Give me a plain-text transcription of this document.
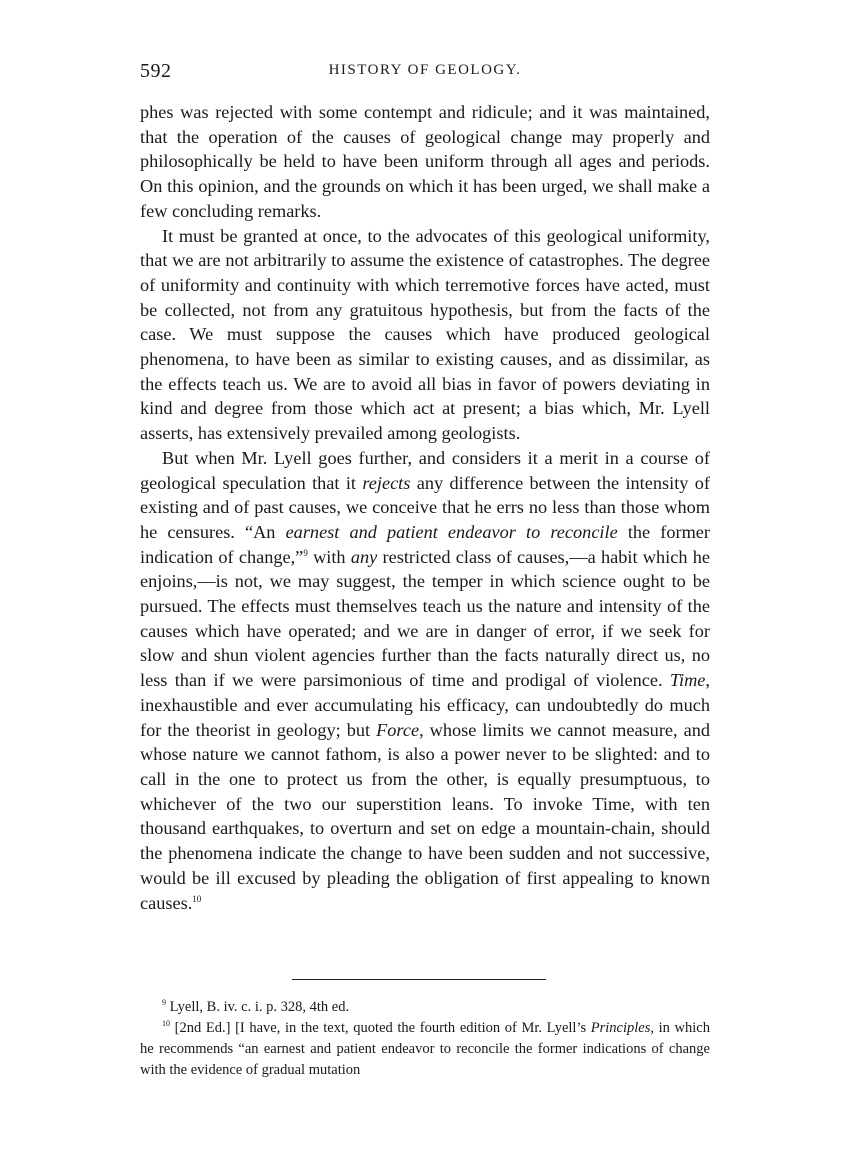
592	HISTORY OF GEOLOGY.

phes was rejected with some contempt and ridicule; and it was maintained, that the operation of the causes of geological change may properly and philosophically be held to have been uniform through all ages and periods. On this opinion, and the grounds on which it has been urged, we shall make a few concluding remarks.

It must be granted at once, to the advocates of this geological uniformity, that we are not arbitrarily to assume the existence of catastrophes. The degree of uniformity and continuity with which terremotive forces have acted, must be collected, not from any gratuitous hypothesis, but from the facts of the case. We must suppose the causes which have produced geological phenomena, to have been as similar to existing causes, and as dissimilar, as the effects teach us. We are to avoid all bias in favor of powers deviating in kind and degree from those which act at present; a bias which, Mr. Lyell asserts, has extensively prevailed among geologists.

But when Mr. Lyell goes further, and considers it a merit in a course of geological speculation that it rejects any difference between the intensity of existing and of past causes, we conceive that he errs no less than those whom he censures. “An earnest and patient endeavor to reconcile the former indication of change,”$^9$ with any restricted class of causes,—a habit which he enjoins,—is not, we may suggest, the temper in which science ought to be pursued. The effects must themselves teach us the nature and intensity of the causes which have operated; and we are in danger of error, if we seek for slow and shun violent agencies further than the facts naturally direct us, no less than if we were parsimonious of time and prodigal of violence. Time, inexhaustible and ever accumulating his efficacy, can undoubtedly do much for the theorist in geology; but Force, whose limits we cannot measure, and whose nature we cannot fathom, is also a power never to be slighted: and to call in the one to protect us from the other, is equally presumptuous, to whichever of the two our superstition leans. To invoke Time, with ten thousand earthquakes, to overturn and set on edge a mountain-chain, should the phenomena indicate the change to have been sudden and not successive, would be ill excused by pleading the obligation of first appealing to known causes.$^{10}$

$^9$ Lyell, B. iv. c. i. p. 328, 4th ed.

$^{10}$ [2nd Ed.] [I have, in the text, quoted the fourth edition of Mr. Lyell’s Principles, in which he recommends “an earnest and patient endeavor to reconcile the former indications of change with the evidence of gradual mutation
